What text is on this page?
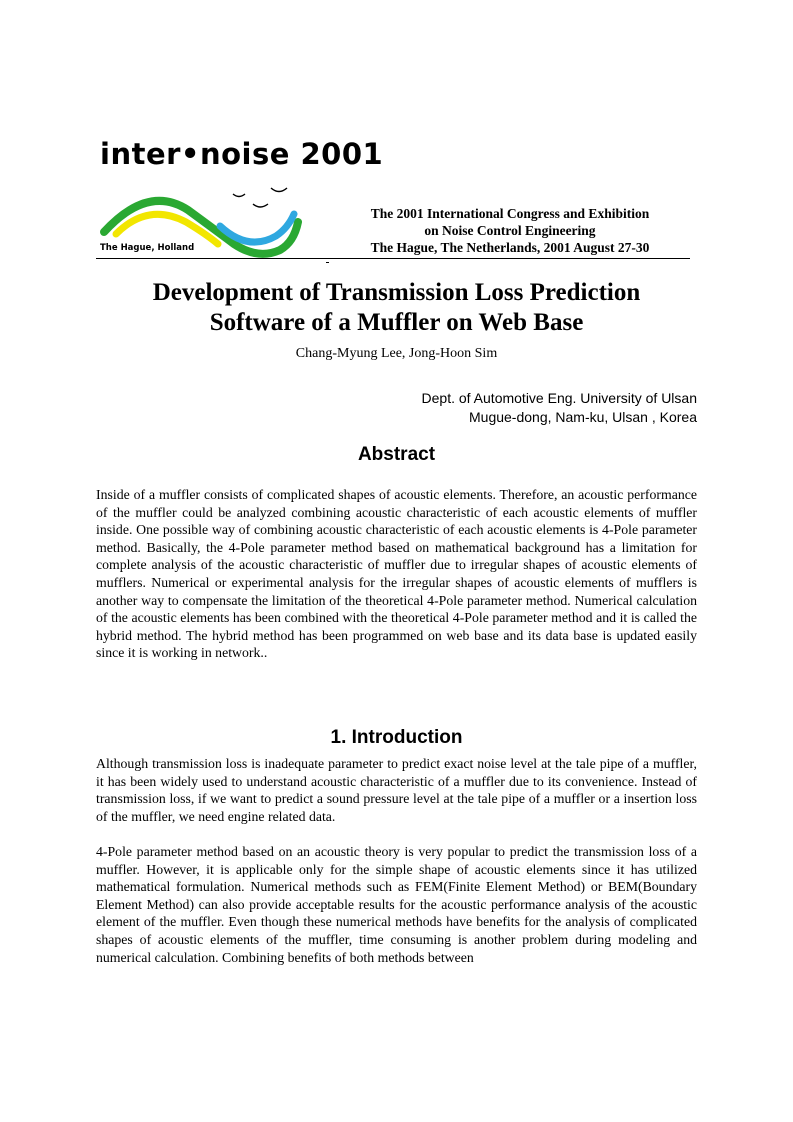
inter•noise 2001
The Hague, Holland
The 2001 International Congress and Exhibition
on Noise Control Engineering
The Hague, The Netherlands, 2001 August 27-30
Development of Transmission Loss Prediction
Software of a Muffler on Web Base
Chang-Myung Lee, Jong-Hoon Sim
Dept. of Automotive Eng. University of Ulsan
Mugue-dong, Nam-ku, Ulsan , Korea
Abstract

Inside of a muffler consists of complicated shapes of acoustic elements. Therefore, an acoustic performance of the muffler could be analyzed combining acoustic characteristic of each acoustic elements of muffler inside. One possible way of combining acoustic characteristic of each acoustic elements is 4-Pole parameter method. Basically, the 4-Pole parameter method based on mathematical background has a limitation for complete analysis of the acoustic characteristic of muffler due to irregular shapes of acoustic elements of mufflers. Numerical or experimental analysis for the irregular shapes of acoustic elements of mufflers is another way to compensate the limitation of the theoretical 4-Pole parameter method. Numerical calculation of the acoustic elements has been combined with the theoretical 4-Pole parameter method and it is called the hybrid method. The hybrid method has been programmed on web base and its data base is updated easily since it is working in network..

1. Introduction

Although transmission loss is inadequate parameter to predict exact noise level at the tale pipe of a muffler, it has been widely used to understand acoustic characteristic of a muffler due to its convenience. Instead of transmission loss, if we want to predict a sound pressure level at the tale pipe of a muffler or a insertion loss of the muffler, we need engine related data.

4-Pole parameter method based on an acoustic theory is very popular to predict the transmission loss of a muffler. However, it is applicable only for the simple shape of acoustic elements since it has utilized mathematical formulation. Numerical methods such as FEM(Finite Element Method) or BEM(Boundary Element Method) can also provide acceptable results for the acoustic performance analysis of the acoustic element of the muffler. Even though these numerical methods have benefits for the analysis of complicated shapes of acoustic elements of the muffler, time consuming is another problem during modeling and numerical calculation. Combining benefits of both methods between
